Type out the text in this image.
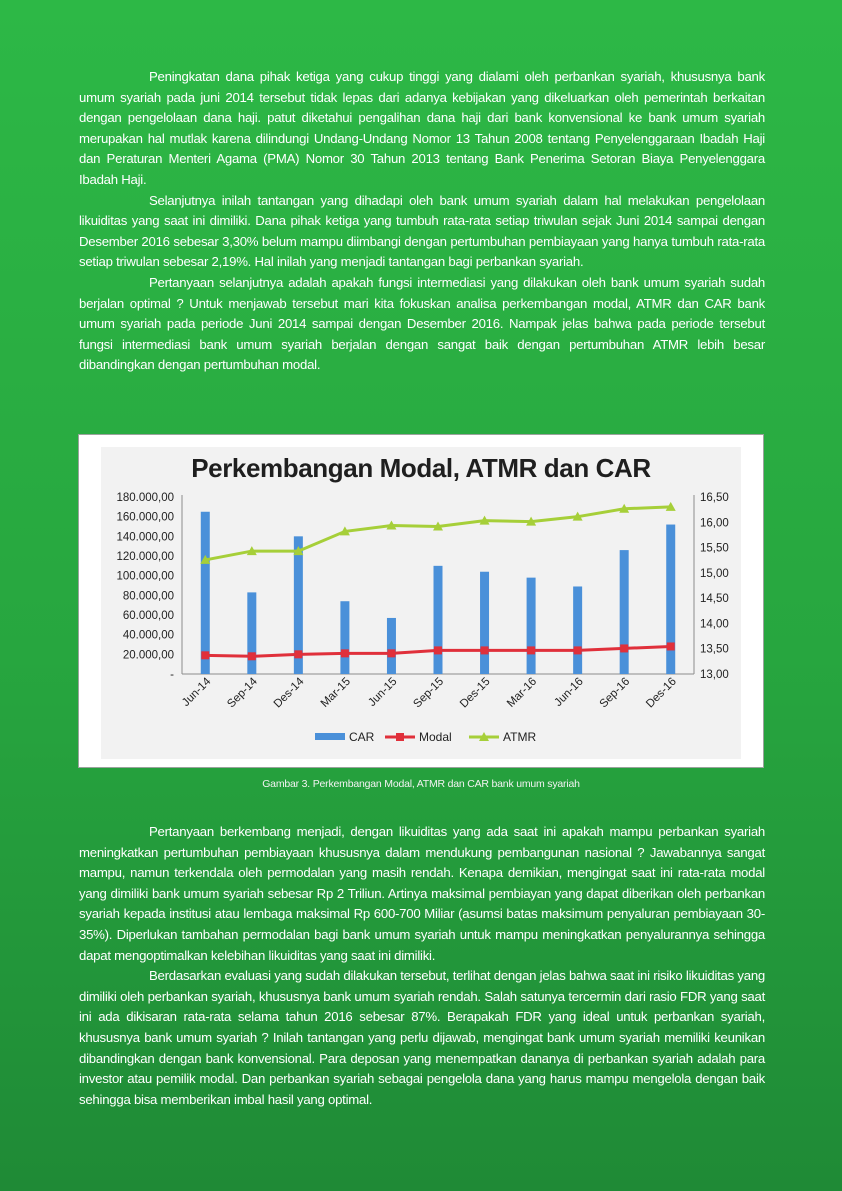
Peningkatan dana pihak ketiga yang cukup tinggi yang dialami oleh perbankan syariah, khususnya bank umum syariah pada juni 2014 tersebut tidak lepas dari adanya kebijakan yang dikeluarkan oleh pemerintah berkaitan dengan pengelolaan dana haji. patut diketahui pengalihan dana haji dari bank konvensional ke bank umum syariah merupakan hal mutlak karena dilindungi Undang-Undang Nomor 13 Tahun 2008 tentang Penyelenggaraan Ibadah Haji dan Peraturan Menteri Agama (PMA) Nomor 30 Tahun 2013 tentang Bank Penerima Setoran Biaya Penyelenggara Ibadah Haji.

Selanjutnya inilah tantangan yang dihadapi oleh bank umum syariah dalam hal melakukan pengelolaan likuiditas yang saat ini dimiliki. Dana pihak ketiga yang tumbuh rata-rata setiap triwulan sejak Juni 2014 sampai dengan Desember 2016 sebesar 3,30% belum mampu diimbangi dengan pertumbuhan pembiayaan yang hanya tumbuh rata-rata setiap triwulan sebesar 2,19%. Hal inilah yang menjadi tantangan bagi perbankan syariah.

Pertanyaan selanjutnya adalah apakah fungsi intermediasi yang dilakukan oleh bank umum syariah sudah berjalan optimal ? Untuk menjawab tersebut mari kita fokuskan analisa perkembangan modal, ATMR dan CAR bank umum syariah pada periode Juni 2014 sampai dengan Desember 2016. Nampak jelas bahwa pada periode tersebut fungsi intermediasi bank umum syariah berjalan dengan sangat baik dengan pertumbuhan ATMR lebih besar dibandingkan dengan pertumbuhan modal.

Perkembangan Modal, ATMR dan CAR
-
20.000,00
40.000,00
60.000,00
80.000,00
100.000,00
120.000,00
140.000,00
160.000,00
180.000,00
13,00
13,50
14,00
14,50
15,00
15,50
16,00
16,50
Jun-14 Sep-14 Des-14 Mar-15 Jun-15 Sep-15 Des-15 Mar-16 Jun-16 Sep-16 Des-16
CAR	Modal	ATMR
Gambar 3. Perkembangan Modal, ATMR dan CAR bank umum syariah

Pertanyaan berkembang menjadi, dengan likuiditas yang ada saat ini apakah mampu perbankan syariah meningkatkan pertumbuhan pembiayaan khususnya dalam mendukung pembangunan nasional ? Jawabannya sangat mampu, namun terkendala oleh permodalan yang masih rendah. Kenapa demikian, mengingat saat ini rata-rata modal yang dimiliki bank umum syariah sebesar Rp 2 Triliun. Artinya maksimal pembiayan yang dapat diberikan oleh perbankan syariah kepada institusi atau lembaga maksimal Rp 600-700 Miliar (asumsi batas maksimum penyaluran pembiayaan 30-35%). Diperlukan tambahan permodalan bagi bank umum syariah untuk mampu meningkatkan penyalurannya sehingga dapat mengoptimalkan kelebihan likuiditas yang saat ini dimiliki.

Berdasarkan evaluasi yang sudah dilakukan tersebut, terlihat dengan jelas bahwa saat ini risiko likuiditas yang dimiliki oleh perbankan syariah, khususnya bank umum syariah rendah. Salah satunya tercermin dari rasio FDR yang saat ini ada dikisaran rata-rata selama tahun 2016 sebesar 87%. Berapakah FDR yang ideal untuk perbankan syariah, khususnya bank umum syariah ? Inilah tantangan yang perlu dijawab, mengingat bank umum syariah memiliki keunikan dibandingkan dengan bank konvensional. Para deposan yang menempatkan dananya di perbankan syariah adalah para investor atau pemilik modal. Dan perbankan syariah sebagai pengelola dana yang harus mampu mengelola dengan baik sehingga bisa memberikan imbal hasil yang optimal.
